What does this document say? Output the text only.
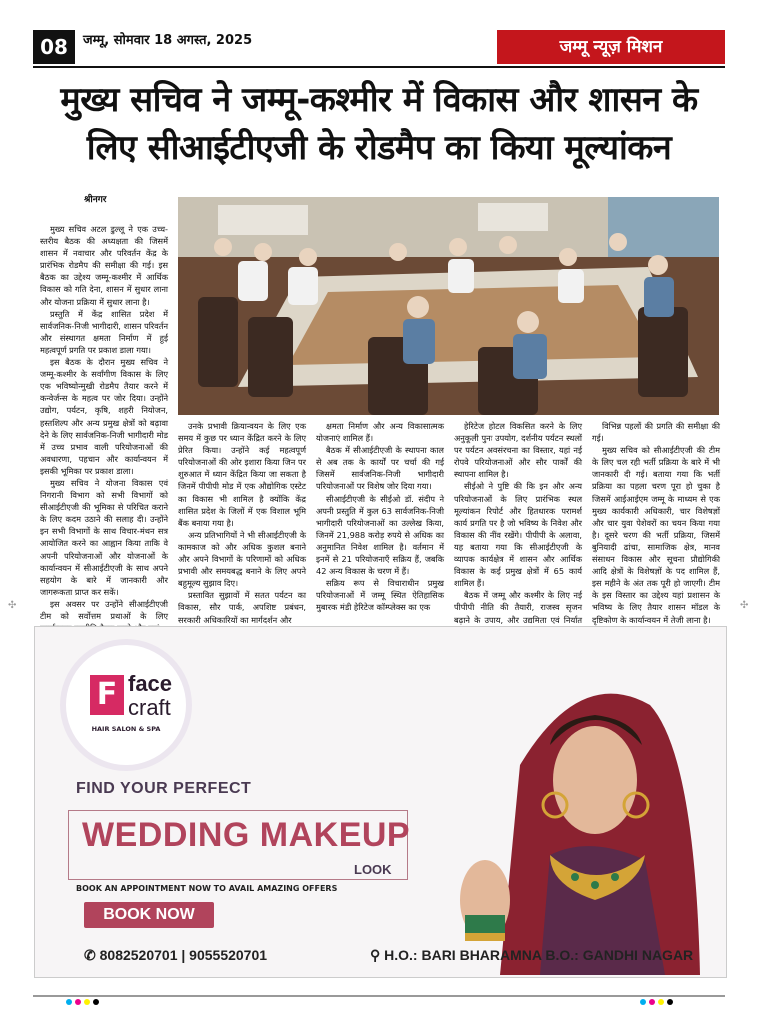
08	जम्मू, सोमवार 18 अगस्त, 2025	जम्मू न्यूज़ मिशन
मुख्य सचिव ने जम्मू-कश्मीर में विकास और शासन के
लिए सीआईटीएजी के रोडमैप का किया मूल्यांकन
श्रीनगर

मुख्य सचिव अटल डुल्लू ने एक उच्च-स्तरीय बैठक की अध्यक्षता की जिसमें शासन में नवाचार और परिवर्तन केंद्र के प्रारंभिक रोडमैप की समीक्षा की गई। इस बैठक का उद्देश्य जम्मू-कश्मीर में आर्थिक विकास को गति देना, शासन में सुधार लाना और योजना प्रक्रिया में सुधार लाना है।

प्रस्तुति में केंद्र शासित प्रदेश में सार्वजनिक-निजी भागीदारी, शासन परिवर्तन और संस्थागत क्षमता निर्माण में हुई महत्वपूर्ण प्रगति पर प्रकाश डाला गया।

इस बैठक के दौरान मुख्य सचिव ने जम्मू-कश्मीर के सर्वांगीण विकास के लिए एक भविष्योन्मुखी रोडमैप तैयार करने में कन्वेर्जन्स के महत्व पर जोर दिया। उन्होंने उद्योग, पर्यटन, कृषि, शहरी नियोजन, हस्तशिल्प और अन्य प्रमुख क्षेत्रों को बढ़ावा देने के लिए सार्वजनिक-निजी भागीदारी मोड में उच्च प्रभाव वाली परियोजनाओं की अवधारणा, पहचान और कार्यान्वयन में इसकी भूमिका पर प्रकाश डाला।

मुख्य सचिव ने योजना विकास एवं निगरानी विभाग को सभी विभागों को सीआईटीएजी की भूमिका से परिचित कराने के लिए कदम उठाने की सलाह दी। उन्होंने इन सभी विभागों के साथ विचार-मंथन सत्र आयोजित करने का आह्वान किया ताकि वे अपनी परियोजनाओं और योजनाओं के कार्यान्वयन में सीआईटीएजी के साथ अपने सहयोग के बारे में जानकारी और जागरूकता प्राप्त कर सकें।

इस अवसर पर उन्होंने सीआईटीएजी टीम को सर्वोत्तम प्रथाओं के लिए

उनके प्रभावी क्रियान्वयन के लिए एक समय में कुछ पर ध्यान केंद्रित करने के लिए प्रेरित किया। उन्होंने कई महत्वपूर्ण परियोजनाओं की ओर इशारा किया जिन पर शुरुआत में ध्यान केंद्रित किया जा सकता है जिनमें पीपीपी मोड में एक औद्योगिक एस्टेट का विकास भी शामिल है क्योंकि केंद्र शासित प्रदेश के जिलों में एक विशाल भूमि बैंक बनाया गया है।

अन्य प्रतिभागियों ने भी सीआईटीएजी के कामकाज को और अधिक कुशल बनाने और अपने विभागों के परिणामों को अधिक प्रभावी और समयबद्ध बनाने के लिए अपने बहुमूल्य सुझाव दिए।

प्रस्तावित सुझावों में सतत पर्यटन का विकास, सौर पार्क, अपशिष्ट प्रबंधन, सरकारी अधिकारियों का मार्गदर्शन और

क्षमता निर्माण और अन्य विकासात्मक योजनाएं शामिल हैं।

बैठक में सीआईटीएजी के स्थापना काल से अब तक के कार्यों पर चर्चा की गई जिसमें सार्वजनिक-निजी भागीदारी परियोजनाओं पर विशेष जोर दिया गया।

सीआईटीएजी के सीईओ डॉ. संदीप ने अपनी प्रस्तुति में कुल 63 सार्वजनिक-निजी भागीदारी परियोजनाओं का उल्लेख किया, जिनमें 21,988 करोड़ रुपये से अधिक का अनुमानित निवेश शामिल है। वर्तमान में इनमें से 21 परियोजनाएँ सक्रिय हैं, जबकि 42 अन्य विकास के चरण में हैं।

सक्रिय रूप से विचाराधीन प्रमुख परियोजनाओं में जम्मू स्थित ऐतिहासिक मुबारक मंडी हेरिटेज कॉम्प्लेक्स का एक

हेरिटेज होटल विकसित करने के लिए अनुकूली पुनः उपयोग, दर्शनीय पर्यटन स्थलों पर पर्यटन अवसंरचना का विस्तार, यहां नई रोपवे परियोजनाओं और सौर पार्कों की स्थापना शामिल है।

सीईओ ने पुष्टि की कि इन और अन्य परियोजनाओं के लिए प्रारंभिक स्थल मूल्यांकन रिपोर्ट और हितधारक परामर्श कार्य प्रगति पर है जो भविष्य के निवेश और विकास की नींव रखेंगे। पीपीपी के अलावा, यह बताया गया कि सीआईटीएजी के व्यापक कार्यक्षेत्र में शासन और आर्थिक विकास के कई प्रमुख क्षेत्रों में 65 कार्य शामिल हैं।

बैठक में जम्मू और कश्मीर के लिए नई पीपीपी नीति की तैयारी, राजस्व सृजन बढ़ाने के उपाय, और उद्यमिता एवं निर्यात

विभिन्न पहलों की प्रगति की समीक्षा की गई।

मुख्य सचिव को सीआईटीएजी की टीम के लिए चल रही भर्ती प्रक्रिया के बारे में भी जानकारी दी गई। बताया गया कि भर्ती प्रक्रिया का पहला चरण पूरा हो चुका है जिसमें आईआईएम जम्मू के माध्यम से एक मुख्य कार्यकारी अधिकारी, चार विशेषज्ञों और चार युवा पेशेवरों का चयन किया गया है। दूसरे चरण की भर्ती प्रक्रिया, जिसमें बुनियादी ढांचा, सामाजिक क्षेत्र, मानव संसाधन विकास और सूचना प्रौद्योगिकी आदि क्षेत्रों के विशेषज्ञों के पद शामिल हैं, इस महीने के अंत तक पूरी हो जाएगी। टीम के इस विस्तार का उद्देश्य यहां प्रशासन के भविष्य के लिए तैयार शासन मॉडल के दृष्टिकोण के कार्यान्वयन में तेजी लाना है।

✣	✣
F face
craft
HAIR SALON & SPA
FIND YOUR PERFECT
WEDDING MAKEUP
LOOK
BOOK AN APPOINTMENT NOW TO AVAIL AMAZING OFFERS
BOOK NOW
✆ 8082520701 | 9055520701	⚲ H.O.: BARI BHARAMNA B.O.: GANDHI NAGAR
